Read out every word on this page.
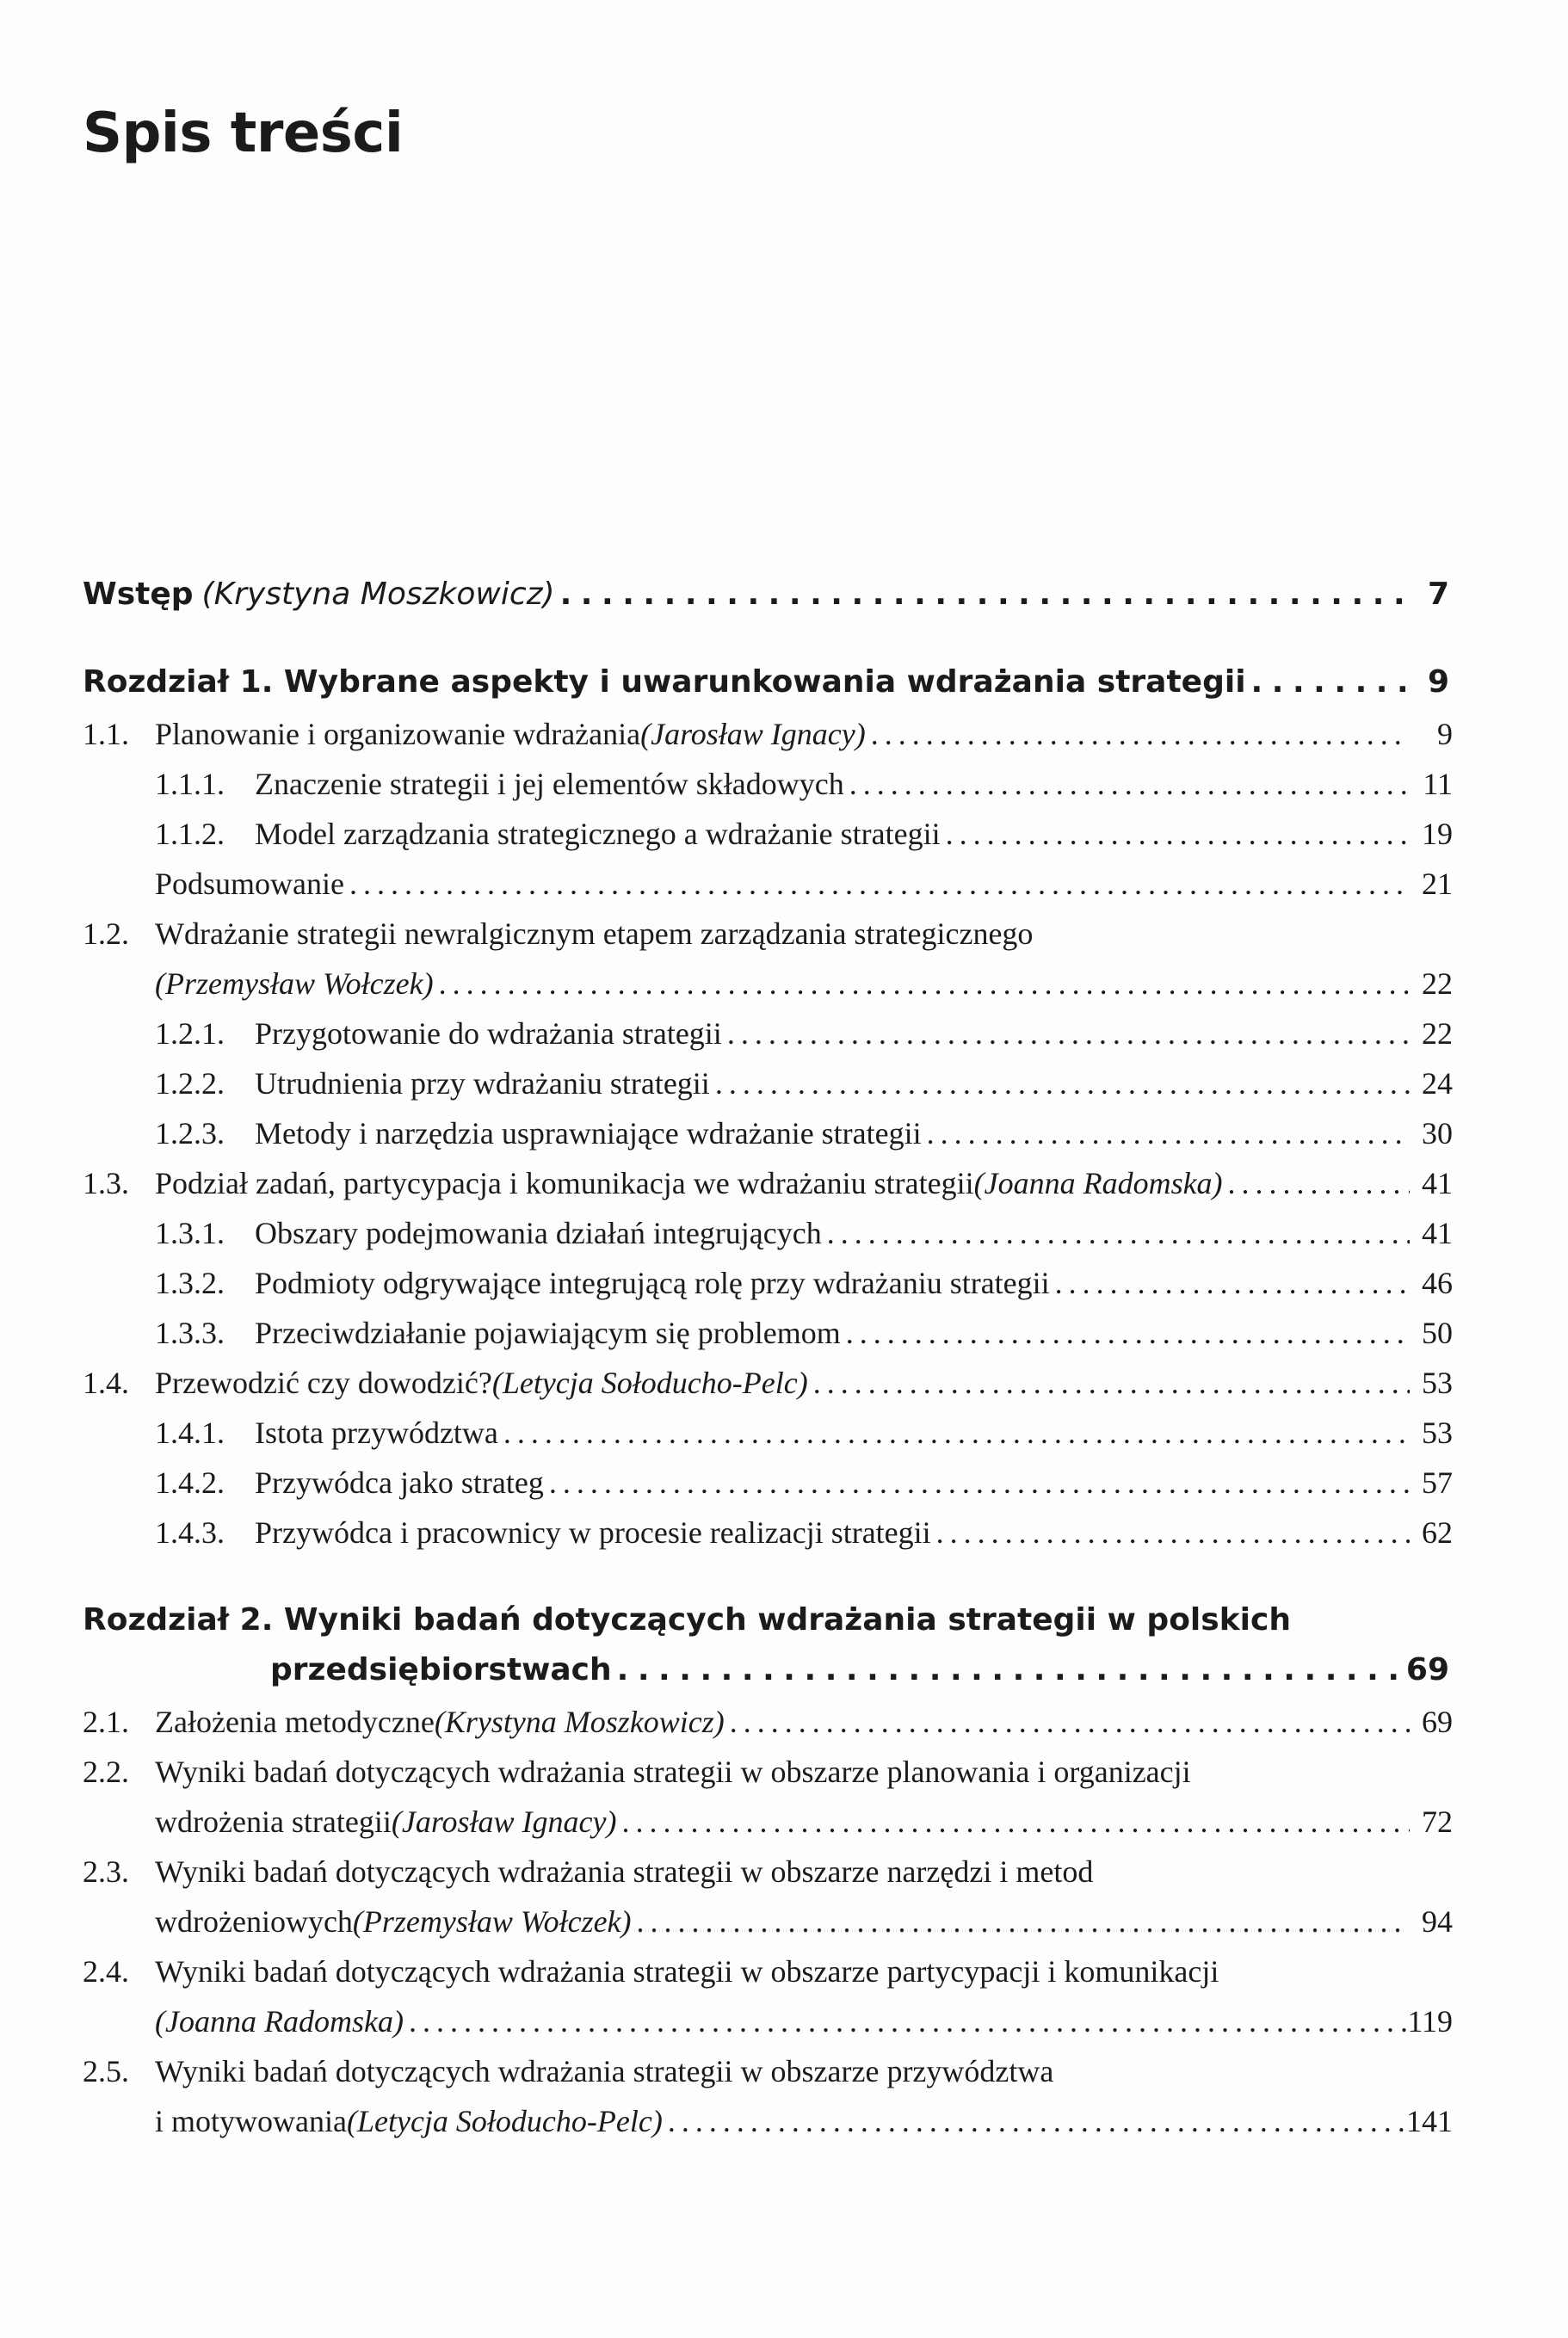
Spis treści
Wstęp (Krystyna Moszkowicz) . . .	7
Rozdział 1. Wybrane aspekty i uwarunkowania wdrażania strategii . . .	9
1.1. Planowanie i organizowanie wdrażania (Jarosław Ignacy) . . .	9
1.1.1. Znaczenie strategii i jej elementów składowych . . .	11
1.1.2. Model zarządzania strategicznego a wdrażanie strategii . . .	19
Podsumowanie . . .	21
1.2. Wdrażanie strategii newralgicznym etapem zarządzania strategicznego
(Przemysław Wołczek) . . .	22
1.2.1. Przygotowanie do wdrażania strategii . . .	22
1.2.2. Utrudnienia przy wdrażaniu strategii . . .	24
1.2.3. Metody i narzędzia usprawniające wdrażanie strategii . . .	30
1.3. Podział zadań, partycypacja i komunikacja we wdrażaniu strategii (Joanna Radomska) . . .	41
1.3.1. Obszary podejmowania działań integrujących . . .	41
1.3.2. Podmioty odgrywające integrującą rolę przy wdrażaniu strategii . . .	46
1.3.3. Przeciwdziałanie pojawiającym się problemom . . .	50
1.4. Przewodzić czy dowodzić? (Letycja Sołoducho-Pelc) . . .	53
1.4.1. Istota przywództwa . . .	53
1.4.2. Przywódca jako strateg . . .	57
1.4.3. Przywódca i pracownicy w procesie realizacji strategii . . .	62
Rozdział 2. Wyniki badań dotyczących wdrażania strategii w polskich
przedsiębiorstwach . . .	69
2.1. Założenia metodyczne (Krystyna Moszkowicz) . . .	69
2.2. Wyniki badań dotyczących wdrażania strategii w obszarze planowania i organizacji
wdrożenia strategii (Jarosław Ignacy) . . .	72
2.3. Wyniki badań dotyczących wdrażania strategii w obszarze narzędzi i metod
wdrożeniowych (Przemysław Wołczek) . . .	94
2.4. Wyniki badań dotyczących wdrażania strategii w obszarze partycypacji i komunikacji
(Joanna Radomska) . . .	119
2.5. Wyniki badań dotyczących wdrażania strategii w obszarze przywództwa
i motywowania (Letycja Sołoducho-Pelc) . . .	141
